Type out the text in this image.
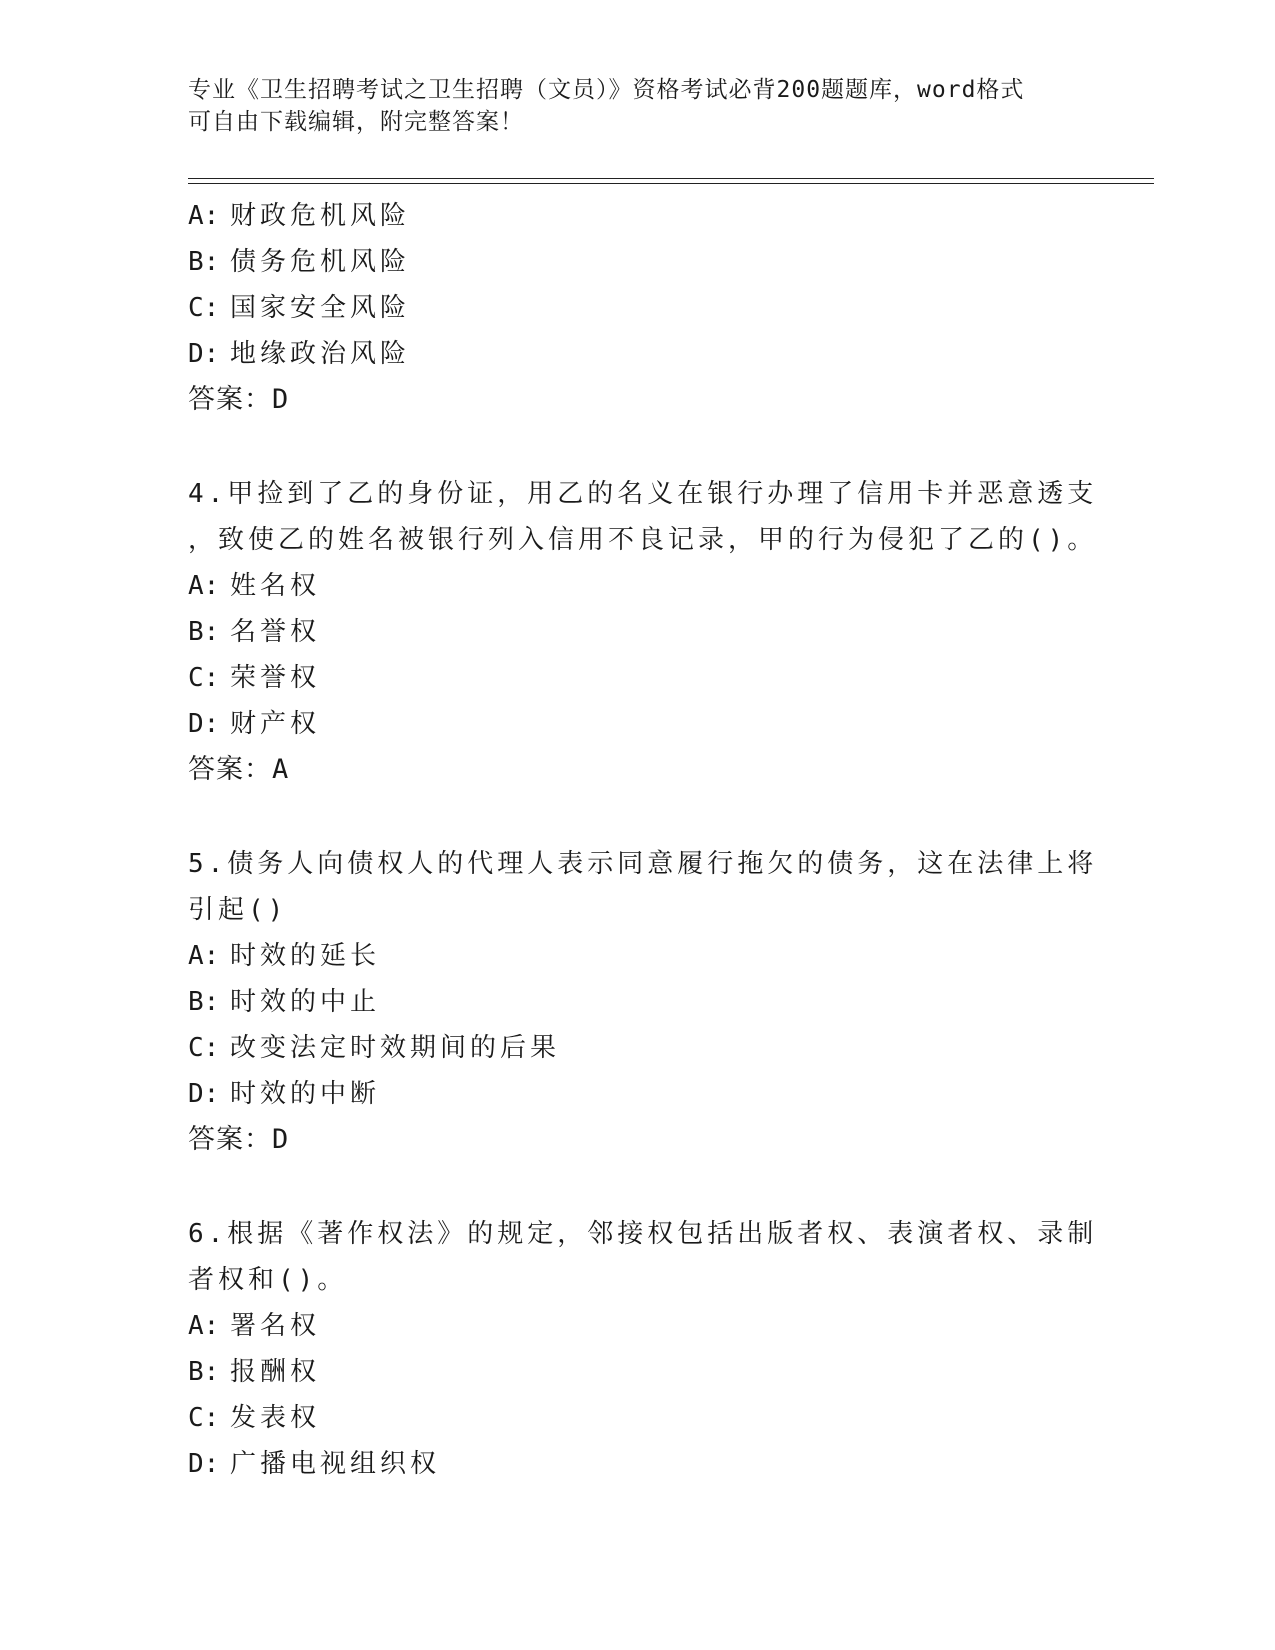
专业《卫生招聘考试之卫生招聘（文员）》资格考试必背200题题库，word格式
可自由下载编辑，附完整答案！
A: 财政危机风险
B: 债务危机风险
C: 国家安全风险
D: 地缘政治风险
答案：D
4.甲捡到了乙的身份证，用乙的名义在银行办理了信用卡并恶意透支
，致使乙的姓名被银行列入信用不良记录，甲的行为侵犯了乙的()。
A: 姓名权
B: 名誉权
C: 荣誉权
D: 财产权
答案：A
5.债务人向债权人的代理人表示同意履行拖欠的债务，这在法律上将
引起()
A: 时效的延长
B: 时效的中止
C: 改变法定时效期间的后果
D: 时效的中断
答案：D
6.根据《著作权法》的规定，邻接权包括出版者权、表演者权、录制
者权和()。
A: 署名权
B: 报酬权
C: 发表权
D: 广播电视组织权
